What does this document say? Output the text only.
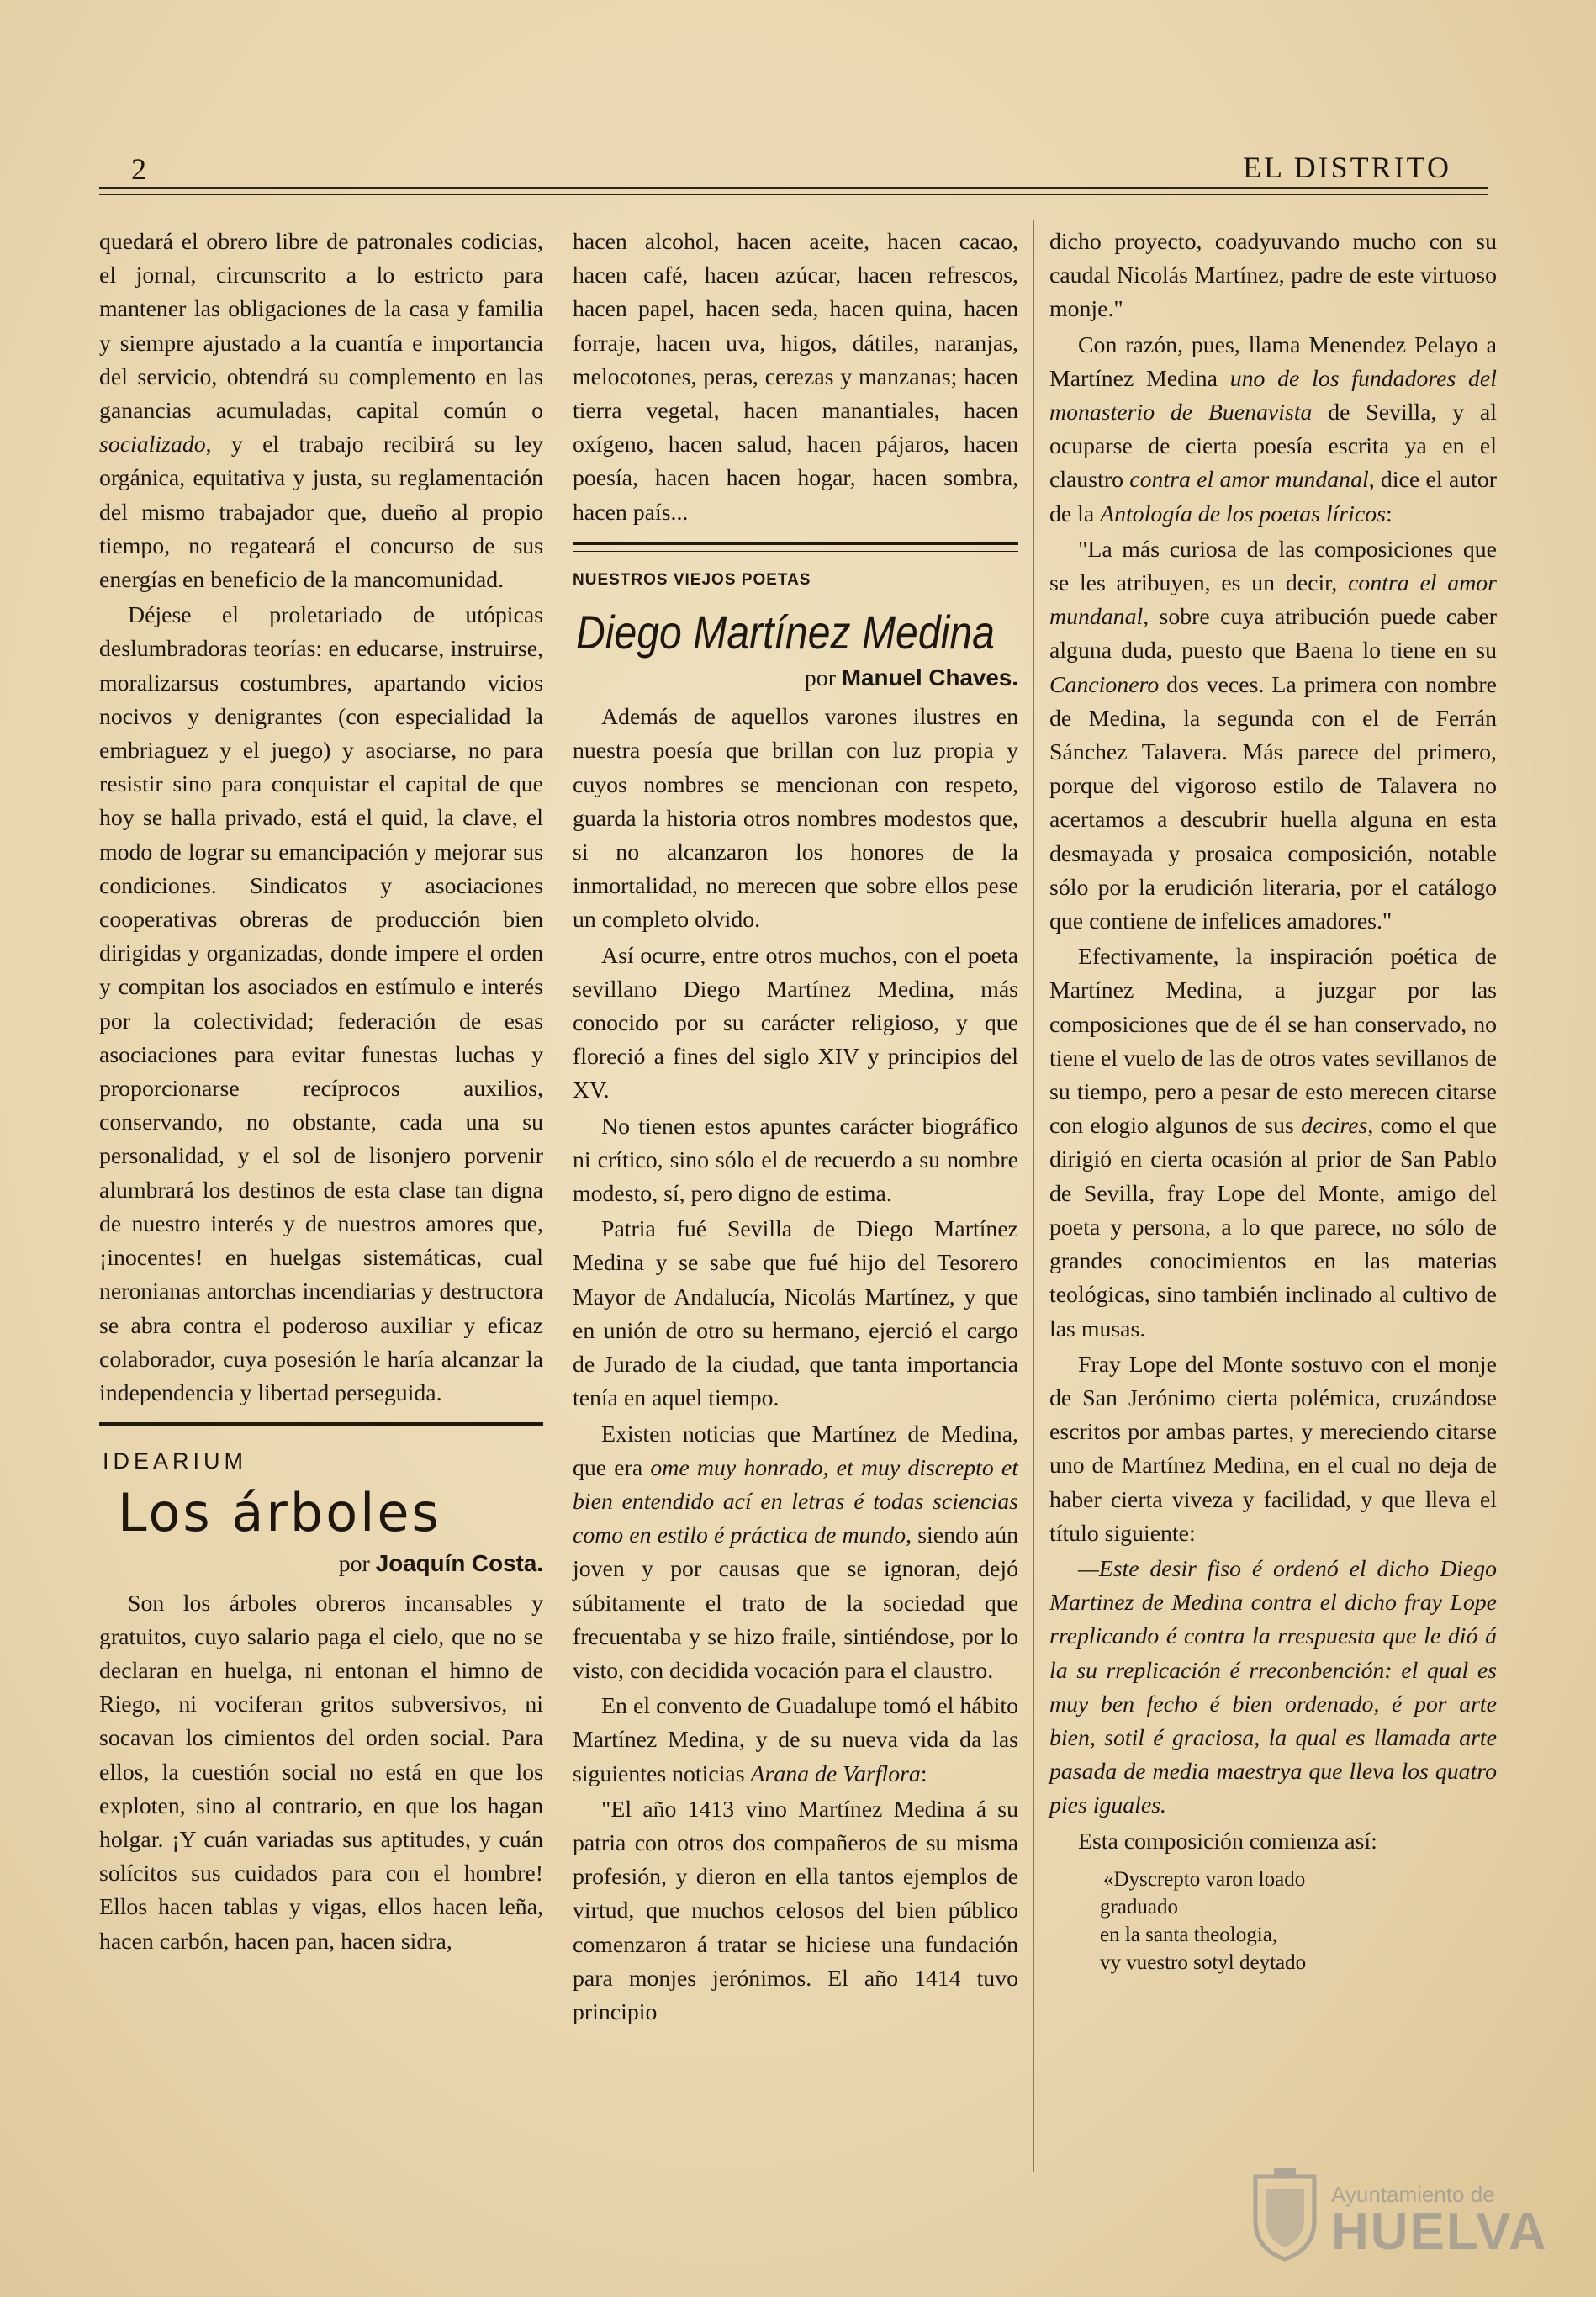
2	EL DISTRITO

quedará el obrero libre de patronales codicias, el jornal, circunscrito a lo estricto para mantener las obligaciones de la casa y familia y siempre ajustado a la cuantía e importancia del servicio, obtendrá su complemento en las ganancias acumuladas, capital común o socializado, y el trabajo recibirá su ley orgánica, equitativa y justa, su reglamentación del mismo trabajador que, dueño al propio tiempo, no regateará el concurso de sus energías en beneficio de la mancomunidad.

Déjese el proletariado de utópicas deslumbradoras teorías: en educarse, instruirse, moralizarsus costumbres, apartando vicios nocivos y denigrantes (con especialidad la embriaguez y el juego) y asociarse, no para resistir sino para conquistar el capital de que hoy se halla privado, está el quid, la clave, el modo de lograr su emancipación y mejorar sus condiciones. Sindicatos y asociaciones cooperativas obreras de producción bien dirigidas y organizadas, donde impere el orden y compitan los asociados en estímulo e interés por la colectividad; federación de esas asociaciones para evitar funestas luchas y proporcionarse recíprocos auxilios, conservando, no obstante, cada una su personalidad, y el sol de lisonjero porvenir alumbrará los destinos de esta clase tan digna de nuestro interés y de nuestros amores que, ¡inocentes! en huelgas sistemáticas, cual neronianas antorchas incendiarias y destructora se abra contra el poderoso auxiliar y eficaz colaborador, cuya posesión le haría alcanzar la independencia y libertad perseguida.

IDEARIUM
Los árboles
por Joaquín Costa.

Son los árboles obreros incansables y gratuitos, cuyo salario paga el cielo, que no se declaran en huelga, ni entonan el himno de Riego, ni vociferan gritos subversivos, ni socavan los cimientos del orden social. Para ellos, la cuestión social no está en que los exploten, sino al contrario, en que los hagan holgar. ¡Y cuán variadas sus aptitudes, y cuán solícitos sus cuidados para con el hombre! Ellos hacen tablas y vigas, ellos hacen leña, hacen carbón, hacen pan, hacen sidra,

hacen alcohol, hacen aceite, hacen cacao, hacen café, hacen azúcar, hacen refrescos, hacen papel, hacen seda, hacen quina, hacen forraje, hacen uva, higos, dátiles, naranjas, melocotones, peras, cerezas y manzanas; hacen tierra vegetal, hacen manantiales, hacen oxígeno, hacen salud, hacen pájaros, hacen poesía, hacen hacen hogar, hacen sombra, hacen país...

NUESTROS VIEJOS POETAS
Diego Martínez Medina
por Manuel Chaves.

Además de aquellos varones ilustres en nuestra poesía que brillan con luz propia y cuyos nombres se mencionan con respeto, guarda la historia otros nombres modestos que, si no alcanzaron los honores de la inmortalidad, no merecen que sobre ellos pese un completo olvido.

Así ocurre, entre otros muchos, con el poeta sevillano Diego Martínez Medina, más conocido por su carácter religioso, y que floreció a fines del siglo XIV y principios del XV.

No tienen estos apuntes carácter biográfico ni crítico, sino sólo el de recuerdo a su nombre modesto, sí, pero digno de estima.

Patria fué Sevilla de Diego Martínez Medina y se sabe que fué hijo del Tesorero Mayor de Andalucía, Nicolás Martínez, y que en unión de otro su hermano, ejerció el cargo de Jurado de la ciudad, que tanta importancia tenía en aquel tiempo.

Existen noticias que Martínez de Medina, que era ome muy honrado, et muy discrepto et bien entendido ací en letras é todas sciencias como en estilo é práctica de mundo, siendo aún joven y por causas que se ignoran, dejó súbitamente el trato de la sociedad que frecuentaba y se hizo fraile, sintiéndose, por lo visto, con decidida vocación para el claustro.

En el convento de Guadalupe tomó el hábito Martínez Medina, y de su nueva vida da las siguientes noticias Arana de Varflora:

"El año 1413 vino Martínez Medina á su patria con otros dos compañeros de su misma profesión, y dieron en ella tantos ejemplos de virtud, que muchos celosos del bien público comenzaron á tratar se hiciese una fundación para monjes jerónimos. El año 1414 tuvo principio

dicho proyecto, coadyuvando mucho con su caudal Nicolás Martínez, padre de este virtuoso monje."

Con razón, pues, llama Menendez Pelayo a Martínez Medina uno de los fundadores del monasterio de Buenavista de Sevilla, y al ocuparse de cierta poesía escrita ya en el claustro contra el amor mundanal, dice el autor de la Antología de los poetas líricos:

"La más curiosa de las composiciones que se les atribuyen, es un decir, contra el amor mundanal, sobre cuya atribución puede caber alguna duda, puesto que Baena lo tiene en su Cancionero dos veces. La primera con nombre de Medina, la segunda con el de Ferrán Sánchez Talavera. Más parece del primero, porque del vigoroso estilo de Talavera no acertamos a descubrir huella alguna en esta desmayada y prosaica composición, notable sólo por la erudición literaria, por el catálogo que contiene de infelices amadores."

Efectivamente, la inspiración poética de Martínez Medina, a juzgar por las composiciones que de él se han conservado, no tiene el vuelo de las de otros vates sevillanos de su tiempo, pero a pesar de esto merecen citarse con elogio algunos de sus decires, como el que dirigió en cierta ocasión al prior de San Pablo de Sevilla, fray Lope del Monte, amigo del poeta y persona, a lo que parece, no sólo de grandes conocimientos en las materias teológicas, sino también inclinado al cultivo de las musas.

Fray Lope del Monte sostuvo con el monje de San Jerónimo cierta polémica, cruzándose escritos por ambas partes, y mereciendo citarse uno de Martínez Medina, en el cual no deja de haber cierta viveza y facilidad, y que lleva el título siguiente:

—Este desir fiso é ordenó el dicho Diego Martinez de Medina contra el dicho fray Lope rreplicando é contra la rrespuesta que le dió á la su rreplicación é rreconbención: el qual es muy ben fecho é bien ordenado, é por arte bien, sotil é graciosa, la qual es llamada arte pasada de media maestrya que lleva los quatro pies iguales.

Esta composición comienza así:

«Dyscrepto varon loado
graduado
en la santa theologia,
vy vuestro sotyl deytado
Ayuntamiento de
HUELVA
